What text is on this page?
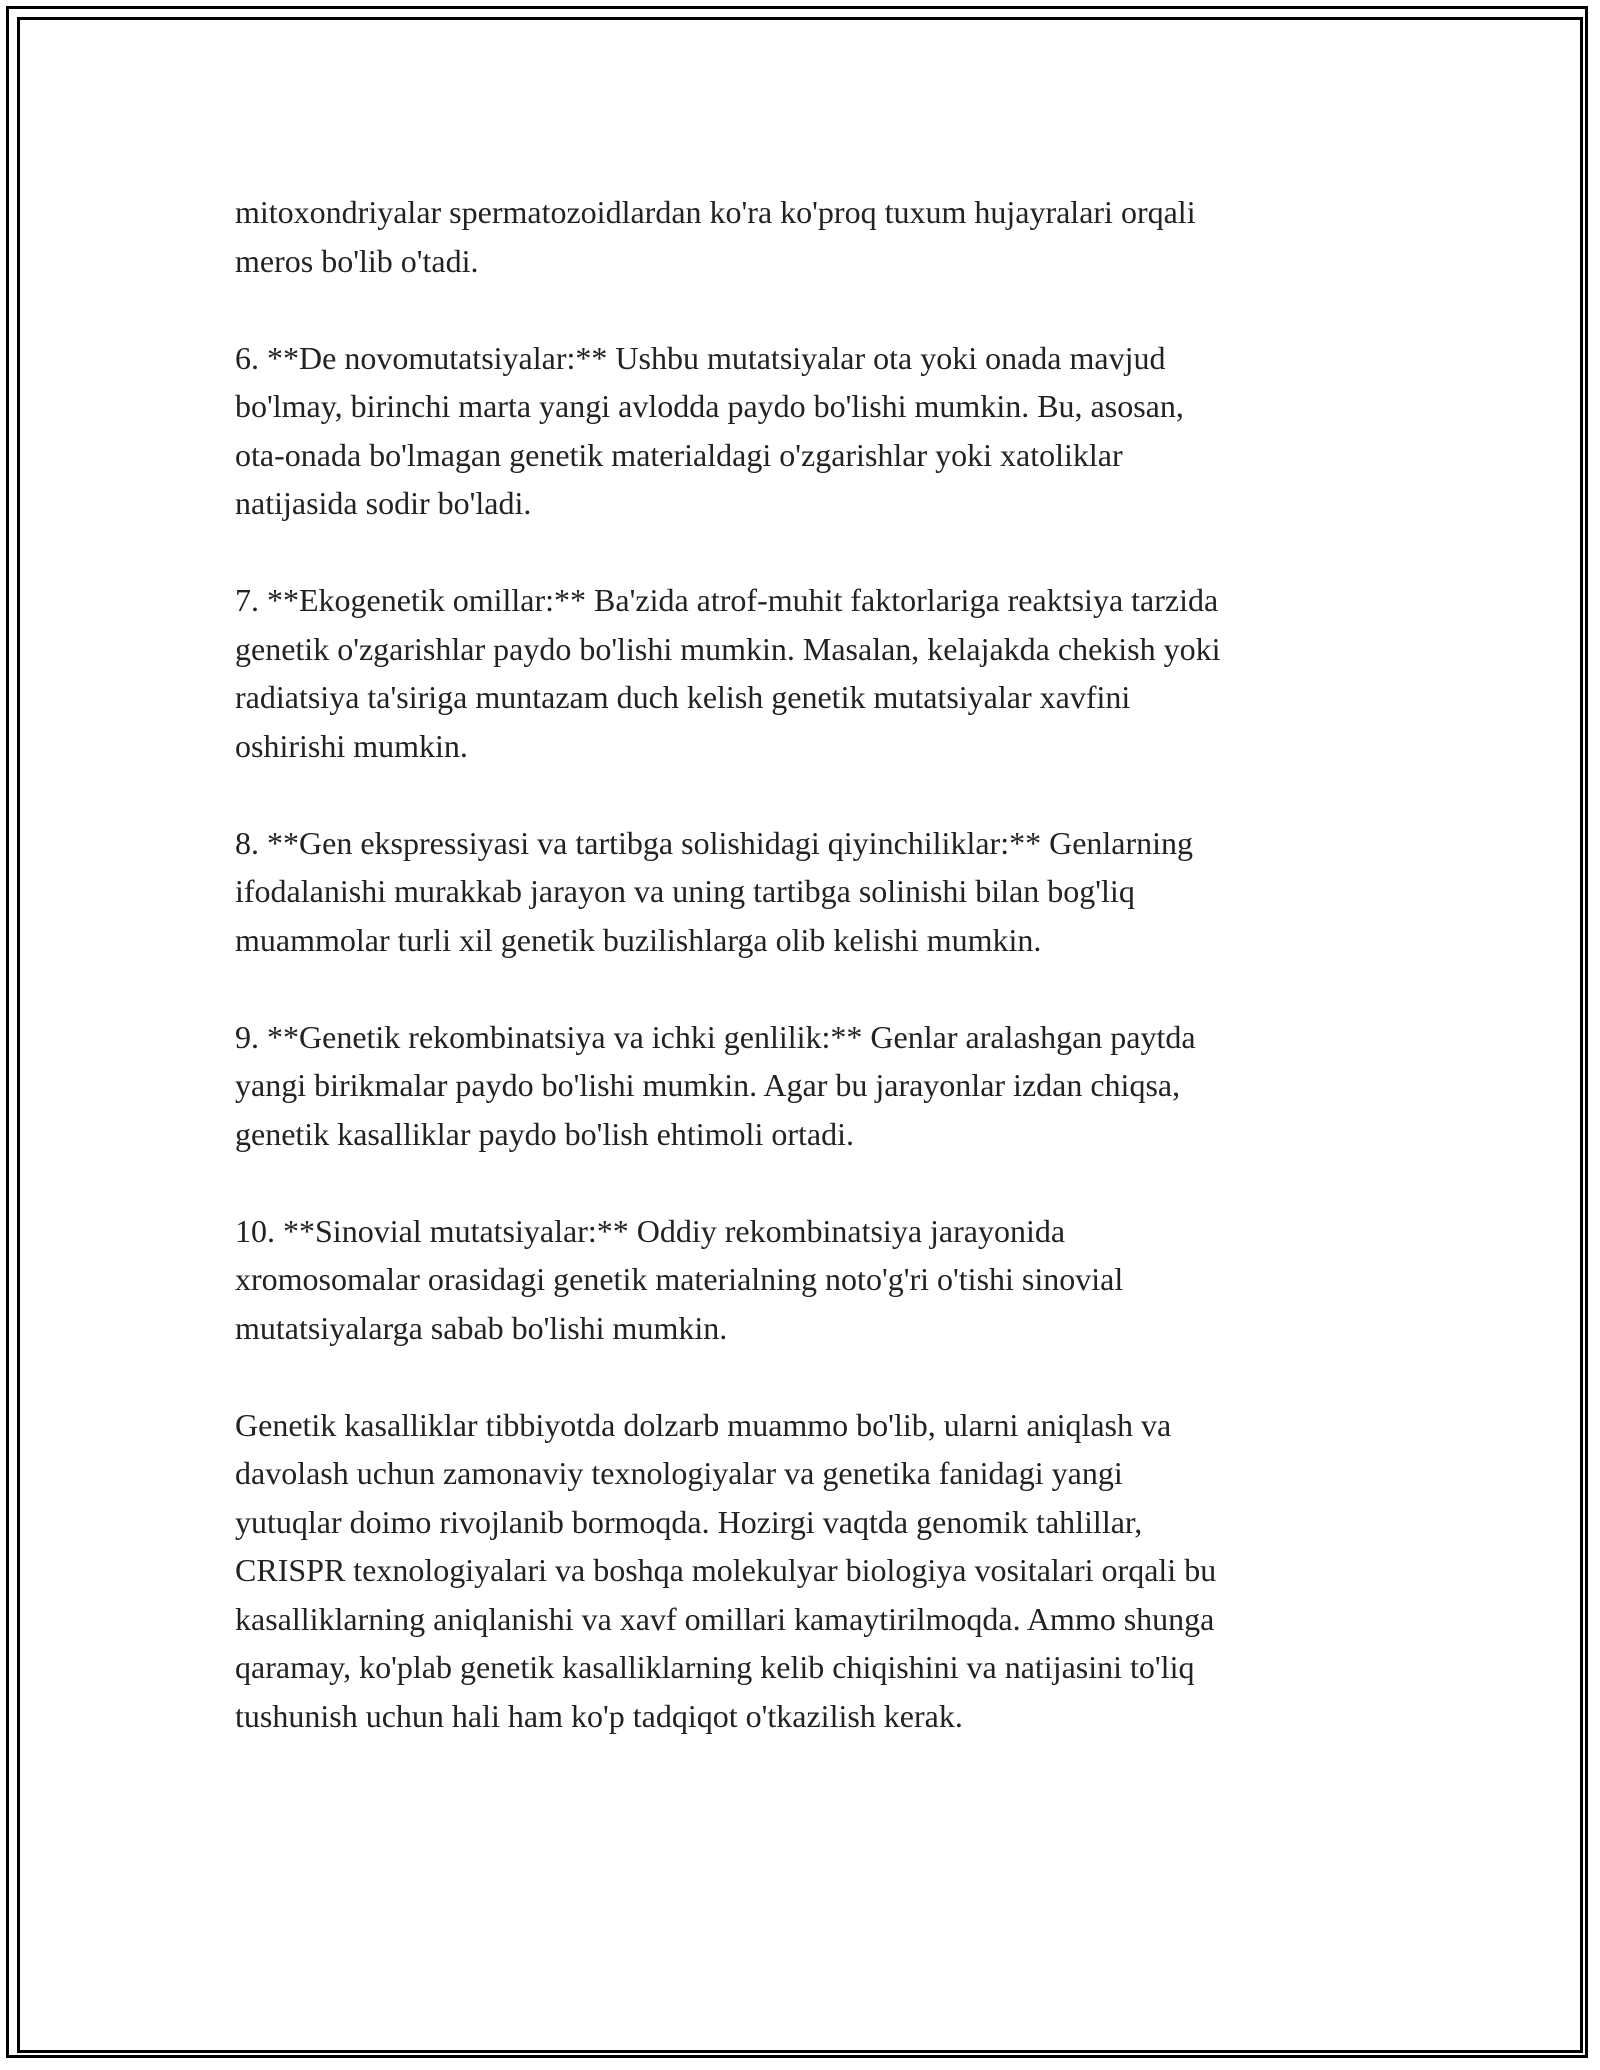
mitoxondriyalar spermatozoidlardan ko'ra ko'proq tuxum hujayralari orqali
meros bo'lib o'tadi.

6. **De novomutatsiyalar:** Ushbu mutatsiyalar ota yoki onada mavjud
bo'lmay, birinchi marta yangi avlodda paydo bo'lishi mumkin. Bu, asosan,
ota-onada bo'lmagan genetik materialdagi o'zgarishlar yoki xatoliklar
natijasida sodir bo'ladi.

7. **Ekogenetik omillar:** Ba'zida atrof-muhit faktorlariga reaktsiya tarzida
genetik o'zgarishlar paydo bo'lishi mumkin. Masalan, kelajakda chekish yoki
radiatsiya ta'siriga muntazam duch kelish genetik mutatsiyalar xavfini
oshirishi mumkin.

8. **Gen ekspressiyasi va tartibga solishidagi qiyinchiliklar:** Genlarning
ifodalanishi murakkab jarayon va uning tartibga solinishi bilan bog'liq
muammolar turli xil genetik buzilishlarga olib kelishi mumkin.

9. **Genetik rekombinatsiya va ichki genlilik:** Genlar aralashgan paytda
yangi birikmalar paydo bo'lishi mumkin. Agar bu jarayonlar izdan chiqsa,
genetik kasalliklar paydo bo'lish ehtimoli ortadi.

10. **Sinovial mutatsiyalar:** Oddiy rekombinatsiya jarayonida
xromosomalar orasidagi genetik materialning noto'g'ri o'tishi sinovial
mutatsiyalarga sabab bo'lishi mumkin.

Genetik kasalliklar tibbiyotda dolzarb muammo bo'lib, ularni aniqlash va
davolash uchun zamonaviy texnologiyalar va genetika fanidagi yangi
yutuqlar doimo rivojlanib bormoqda. Hozirgi vaqtda genomik tahlillar,
CRISPR texnologiyalari va boshqa molekulyar biologiya vositalari orqali bu
kasalliklarning aniqlanishi va xavf omillari kamaytirilmoqda. Ammo shunga
qaramay, ko'plab genetik kasalliklarning kelib chiqishini va natijasini to'liq
tushunish uchun hali ham ko'p tadqiqot o'tkazilish kerak.
